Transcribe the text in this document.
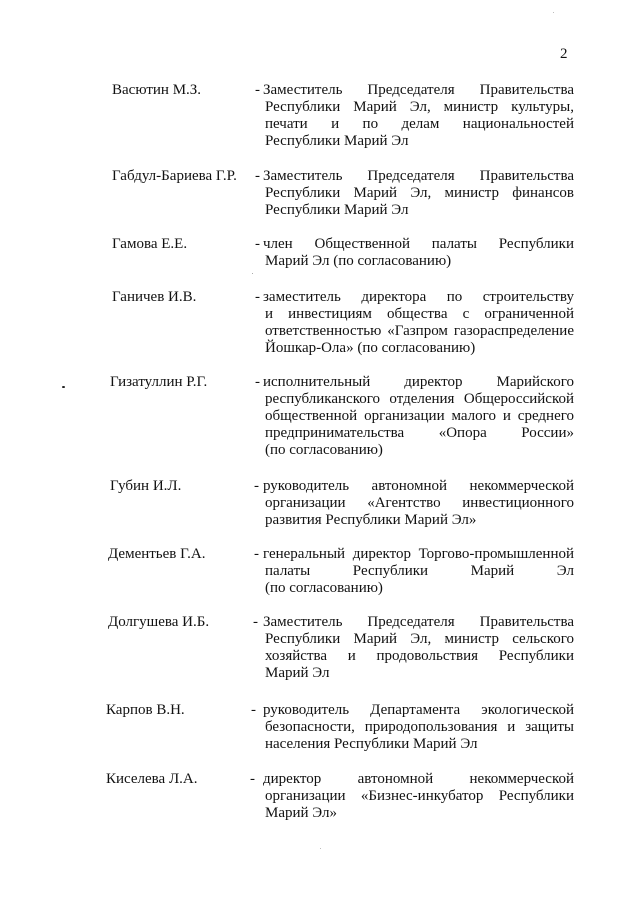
2
Васютин М.З.	- Заместитель Председателя Правительства
Республики Марий Эл, министр культуры,
печати и по делам национальностей
Республики Марий Эл
Габдул-Бариева Г.Р. - Заместитель Председателя Правительства
Республики Марий Эл, министр финансов
Республики Марий Эл
Гамова Е.Е.	- член Общественной палаты Республики
Марий Эл (по согласованию)
Ганичев И.В.	- заместитель директора по строительству
и инвестициям общества с ограниченной
ответственностью «Газпром газораспределение
Йошкар-Ола» (по согласованию)
Гизатуллин Р.Г.	- исполнительный директор Марийского
республиканского отделения Общероссийской
общественной организации малого и среднего
предпринимательства «Опора России»
(по согласованию)
Губин И.Л.	- руководитель автономной некоммерческой
организации «Агентство инвестиционного
развития Республики Марий Эл»
Дементьев Г.А.	- генеральный директор Торгово-промышленной
палаты Республики Марий Эл
(по согласованию)
Долгушева И.Б.	- Заместитель Председателя Правительства
Республики Марий Эл, министр сельского
хозяйства и продовольствия Республики
Марий Эл
Карпов В.Н.	- руководитель Департамента экологической
безопасности, природопользования и защиты
населения Республики Марий Эл
Киселева Л.А.	- директор автономной некоммерческой
организации «Бизнес-инкубатор Республики
Марий Эл»
